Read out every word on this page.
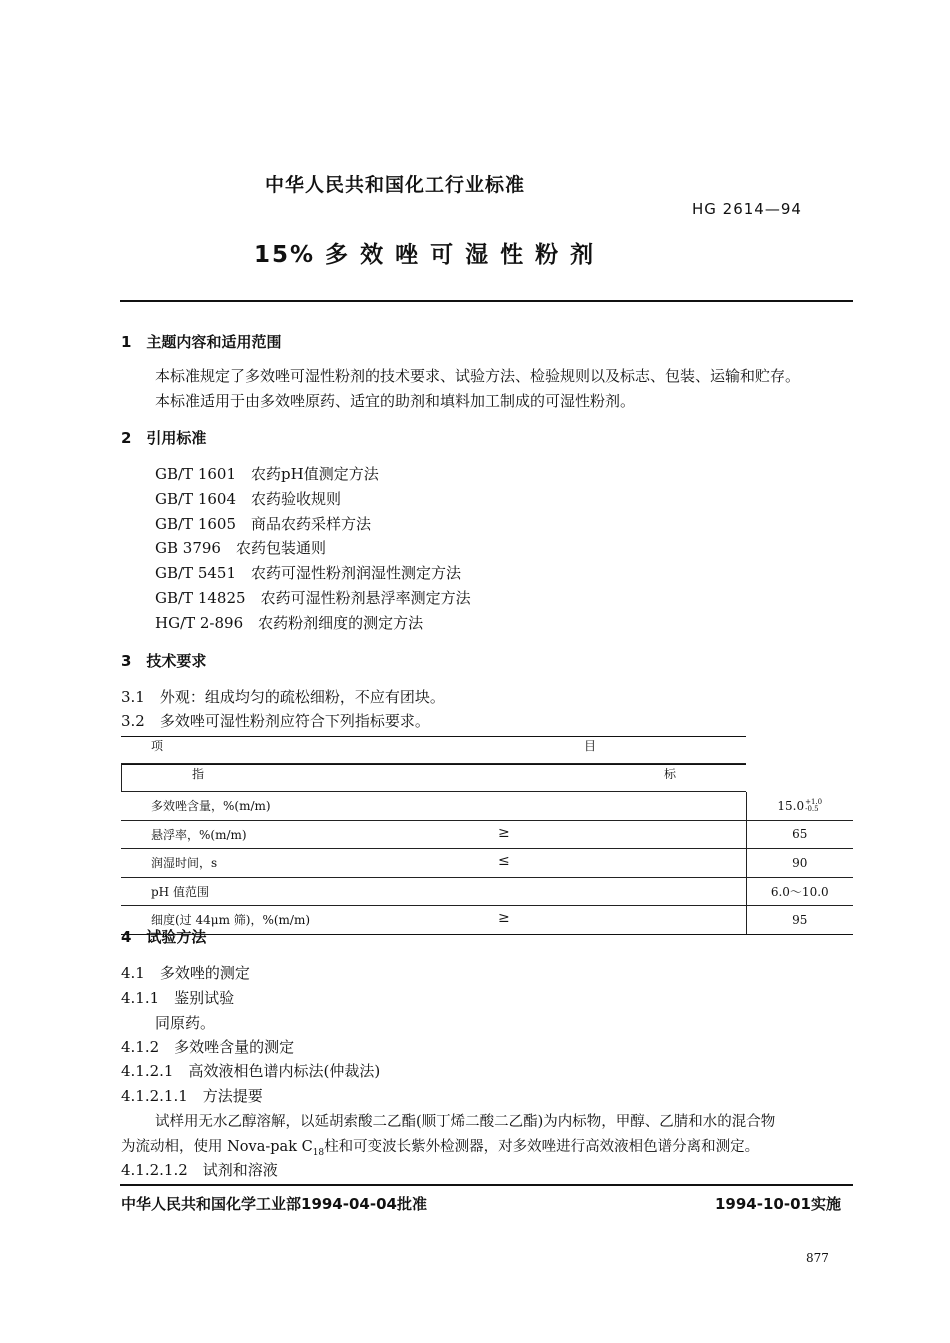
中华人民共和国化工行业标准
HG 2614—94
15% 多 效 唑 可 湿 性 粉 剂
1　主题内容和适用范围
本标准规定了多效唑可湿性粉剂的技术要求、试验方法、检验规则以及标志、包装、运输和贮存。
本标准适用于由多效唑原药、适宜的助剂和填料加工制成的可湿性粉剂。
2　引用标准
GB/T 1601　 农药pH值测定方法
GB/T 1604　 农药验收规则
GB/T 1605　 商品农药采样方法
GB 3796　 农药包装通则
GB/T 5451　 农药可湿性粉剂润湿性测定方法
GB/T 14825　 农药可湿性粉剂悬浮率测定方法
HG/T 2-896　 农药粉剂细度的测定方法
3　技术要求
3.1　外观：组成均匀的疏松细粉，不应有团块。
3.2　多效唑可湿性粉剂应符合下列指标要求。
项	目
指	标

多效唑含量，%(m/m)	15.0+1.0
-0.5
悬浮率，%(m/m) ≥	65
润湿时间，s ≤	90
pH 值范围	6.0～10.0
细度(过 44μm 筛)，%(m/m) ≥	95
4　试验方法
4.1　多效唑的测定
4.1.1　鉴别试验
同原药。
4.1.2　多效唑含量的测定
4.1.2.1　高效液相色谱内标法(仲裁法)
4.1.2.1.1　方法提要
试样用无水乙醇溶解，以延胡索酸二乙酯(顺丁烯二酸二乙酯)为内标物，甲醇、乙腈和水的混合物
为流动相，使用 Nova-pak $C_{18}$柱和可变波长紫外检测器，对多效唑进行高效液相色谱分离和测定。
4.1.2.1.2　试剂和溶液
中华人民共和国化学工业部1994-04-04批准	1994-10-01实施
877
